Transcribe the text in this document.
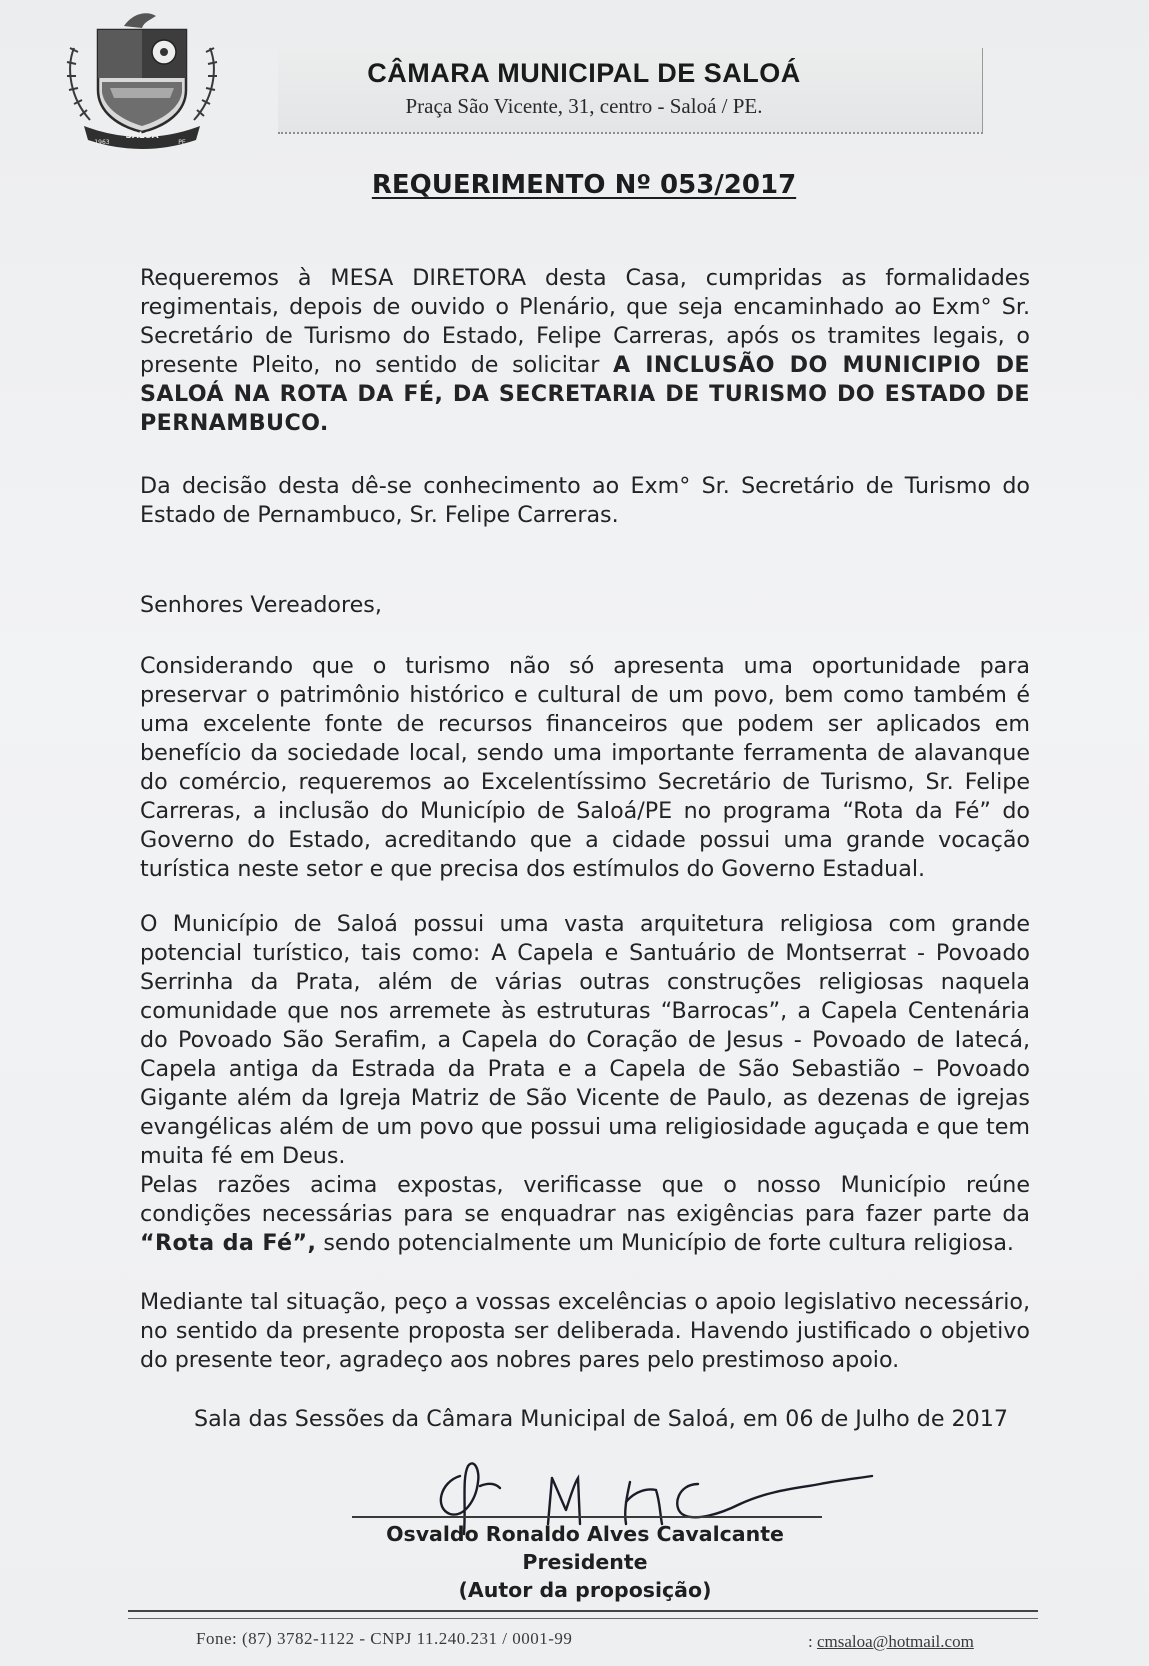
SALOÁ
1963	PE
CÂMARA MUNICIPAL DE SALOÁ
Praça São Vicente, 31, centro - Saloá / PE.
REQUERIMENTO Nº 053/2017

Requeremos à MESA DIRETORA desta Casa, cumpridas as formalidades regimentais, depois de ouvido o Plenário, que seja encaminhado ao Exm° Sr. Secretário de Turismo do Estado, Felipe Carreras, após os tramites legais, o presente Pleito, no sentido de solicitar A INCLUSÃO DO MUNICIPIO DE SALOÁ NA ROTA DA FÉ, DA SECRETARIA DE TURISMO DO ESTADO DE PERNAMBUCO.

Da decisão desta dê-se conhecimento ao Exm° Sr. Secretário de Turismo do Estado de Pernambuco, Sr. Felipe Carreras.

Senhores Vereadores,

Considerando que o turismo não só apresenta uma oportunidade para preservar o patrimônio histórico e cultural de um povo, bem como também é uma excelente fonte de recursos financeiros que podem ser aplicados em benefício da sociedade local, sendo uma importante ferramenta de alavanque do comércio, requeremos ao Excelentíssimo Secretário de Turismo, Sr. Felipe Carreras, a inclusão do Município de Saloá/PE no programa “Rota da Fé” do Governo do Estado, acreditando que a cidade possui uma grande vocação turística neste setor e que precisa dos estímulos do Governo Estadual.

O Município de Saloá possui uma vasta arquitetura religiosa com grande potencial turístico, tais como: A Capela e Santuário de Montserrat - Povoado Serrinha da Prata, além de várias outras construções religiosas naquela comunidade que nos arremete às estruturas “Barrocas”, a Capela Centenária do Povoado São Serafim, a Capela do Coração de Jesus - Povoado de Iatecá, Capela antiga da Estrada da Prata e a Capela de São Sebastião – Povoado Gigante além da Igreja Matriz de São Vicente de Paulo, as dezenas de igrejas evangélicas além de um povo que possui uma religiosidade aguçada e que tem muita fé em Deus.

Pelas razões acima expostas, verificasse que o nosso Município reúne condições necessárias para se enquadrar nas exigências para fazer parte da “Rota da Fé”, sendo potencialmente um Município de forte cultura religiosa.

Mediante tal situação, peço a vossas excelências o apoio legislativo necessário, no sentido da presente proposta ser deliberada. Havendo justificado o objetivo do presente teor, agradeço aos nobres pares pelo prestimoso apoio.

Sala das Sessões da Câmara Municipal de Saloá, em 06 de Julho de 2017

Osvaldo Ronaldo Alves Cavalcante

Presidente

(Autor da proposição)

Fone: (87) 3782-1122 - CNPJ 11.240.231 / 0001-99	: cmsaloa@hotmail.com
